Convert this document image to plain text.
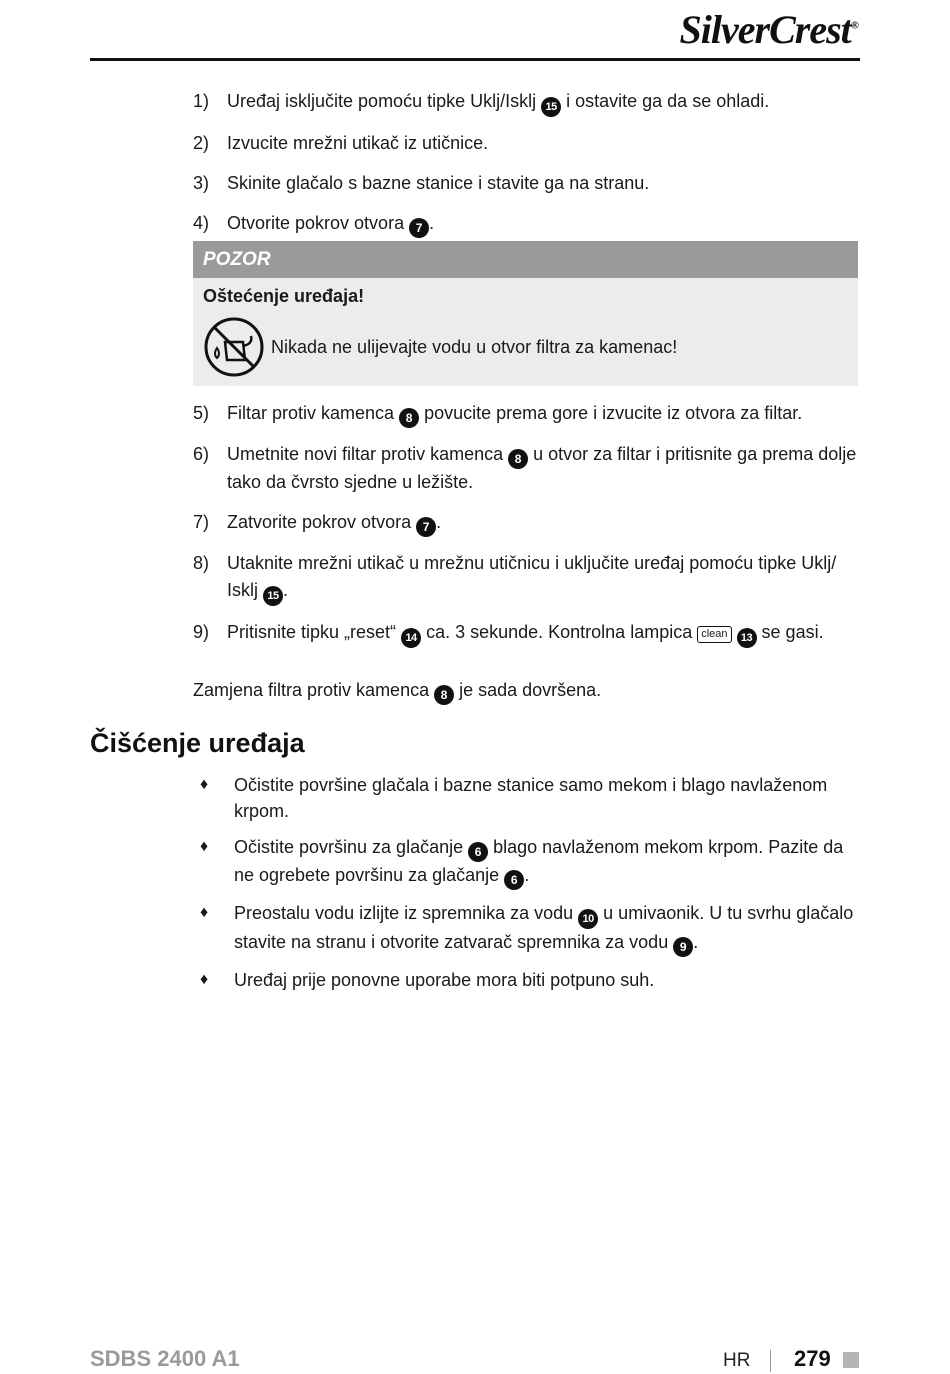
SilverCrest®
1) Uređaj isključite pomoću tipke Uklj/Isklj 15 i ostavite ga da se ohladi.
2) Izvucite mrežni utikač iz utičnice.
3) Skinite glačalo s bazne stanice i stavite ga na stranu.
4) Otvorite pokrov otvora 7 .
POZOR
Oštećenje uređaja!
Nikada ne ulijevajte vodu u otvor filtra za kamenac!
5) Filtar protiv kamenca 8 povucite prema gore i izvucite iz otvora za filtar.
6) Umetnite novi filtar protiv kamenca 8 u otvor za filtar i pritisnite ga prema dolje tako da čvrsto sjedne u ležište.
7) Zatvorite pokrov otvora 7 .
8) Utaknite mrežni utikač u mrežnu utičnicu i uključite uređaj pomoću tipke Uklj/ Isklj 15 .
9) Pritisnite tipku „reset“ 14 ca. 3 sekunde. Kontrolna lampica clean 13 se gasi.
Zamjena filtra protiv kamenca 8 je sada dovršena.
Čišćenje uređaja
♦	Očistite površine glačala i bazne stanice samo mekom i blago navlaženom krpom.
♦	Očistite površinu za glačanje 6 blago navlaženom mekom krpom. Pazite da ne ogrebete površinu za glačanje 6 .
♦	Preostalu vodu izlijte iz spremnika za vodu 10 u umivaonik. U tu svrhu glačalo stavite na stranu i otvorite zatvarač spremnika za vodu 9 .
♦	Uređaj prije ponovne uporabe mora biti potpuno suh.
SDBS 2400 A1	HR 279
